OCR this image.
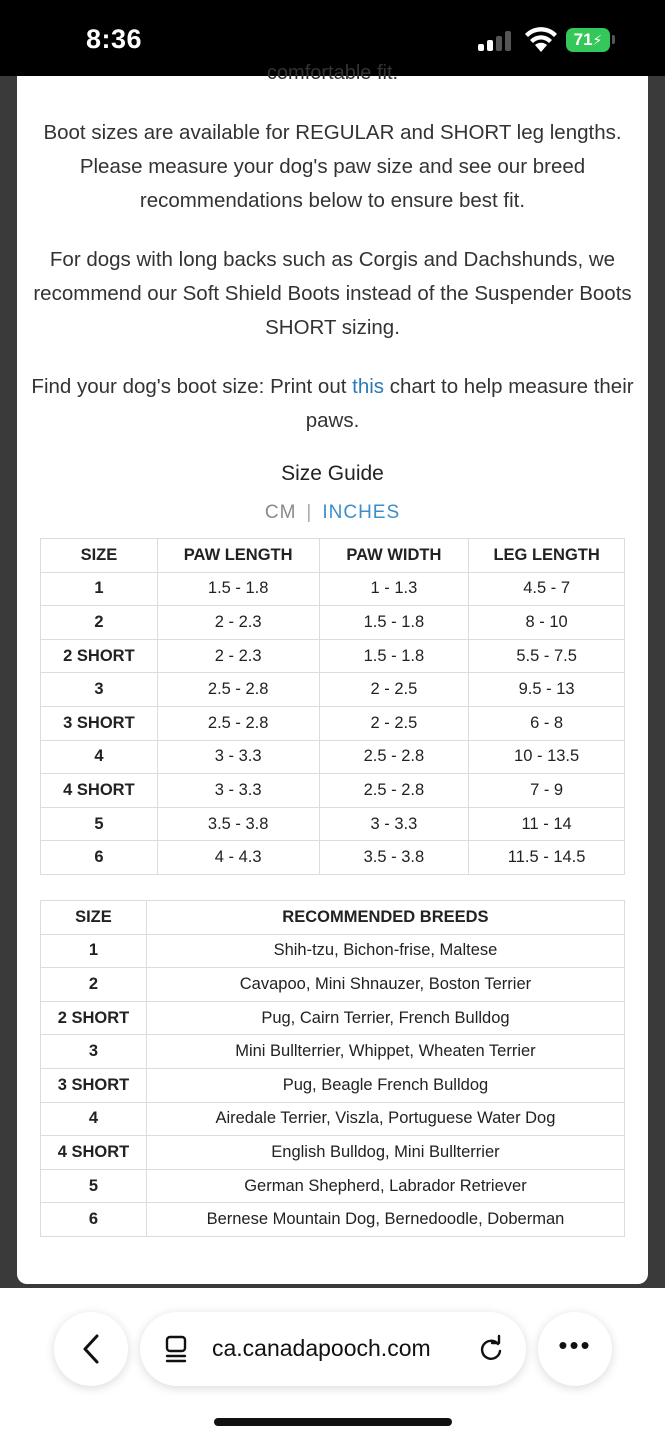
8:36	71⚡
comfortable fit.

Boot sizes are available for REGULAR and SHORT leg lengths. Please measure your dog's paw size and see our breed recommendations below to ensure best fit.

For dogs with long backs such as Corgis and Dachshunds, we recommend our Soft Shield Boots instead of the Suspender Boots SHORT sizing.

Find your dog's boot size: Print out this chart to help measure their paws.

Size Guide
CM | INCHES
SIZE	PAW LENGTH	PAW WIDTH	LEG LENGTH
1	1.5 - 1.8	1 - 1.3	4.5 - 7
2	2 - 2.3	1.5 - 1.8	8 - 10
2 SHORT	2 - 2.3	1.5 - 1.8	5.5 - 7.5
3	2.5 - 2.8	2 - 2.5	9.5 - 13
3 SHORT	2.5 - 2.8	2 - 2.5	6 - 8
4	3 - 3.3	2.5 - 2.8	10 - 13.5
4 SHORT	3 - 3.3	2.5 - 2.8	7 - 9
5	3.5 - 3.8	3 - 3.3	11 - 14
6	4 - 4.3	3.5 - 3.8	11.5 - 14.5
SIZE	RECOMMENDED BREEDS
1	Shih-tzu, Bichon-frise, Maltese
2	Cavapoo, Mini Shnauzer, Boston Terrier
2 SHORT	Pug, Cairn Terrier, French Bulldog
3	Mini Bullterrier, Whippet, Wheaten Terrier
3 SHORT	Pug, Beagle French Bulldog
4	Airedale Terrier, Viszla, Portuguese Water Dog
4 SHORT	English Bulldog, Mini Bullterrier
5	German Shepherd, Labrador Retriever
6	Bernese Mountain Dog, Bernedoodle, Doberman
ca.canadapooch.com	•••
